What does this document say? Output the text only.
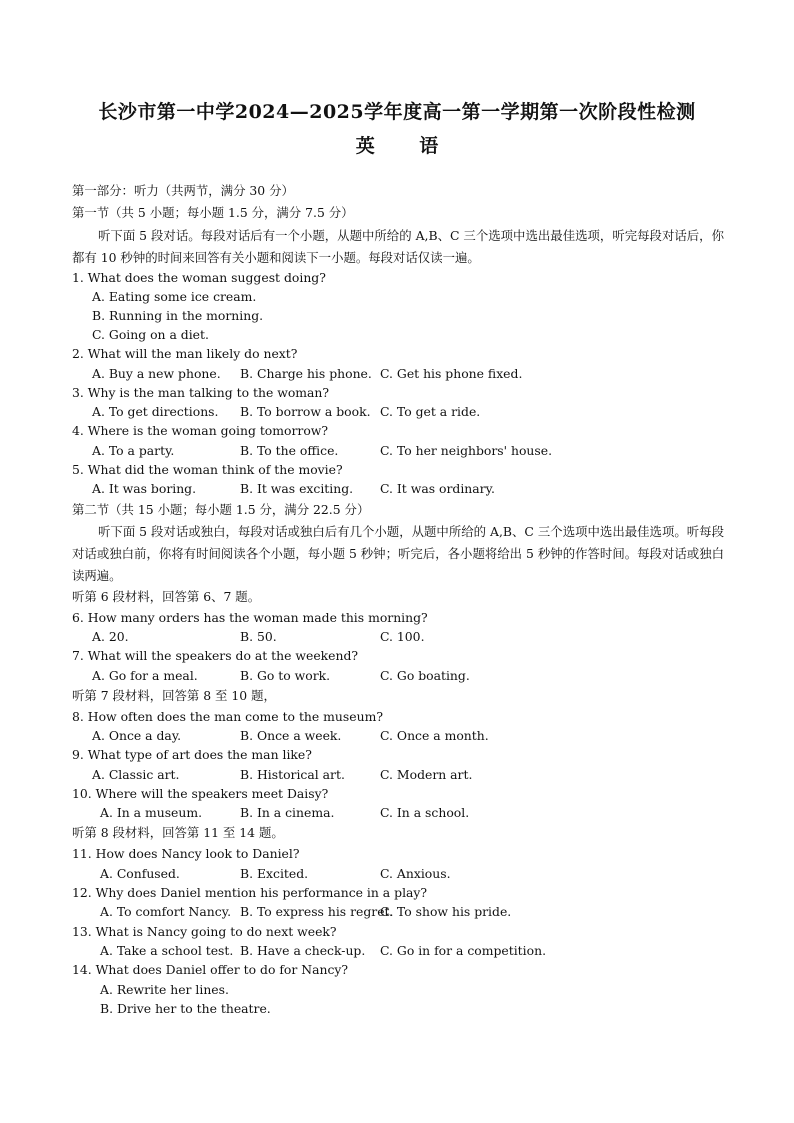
长沙市第一中学2024—2025学年度高一第一学期第一次阶段性检测
英 语
第一部分：听力（共两节，满分 30 分）
第一节（共 5 小题；每小题 1.5 分，满分 7.5 分）
听下面 5 段对话。每段对话后有一个小题，从题中所给的 A,B、C 三个选项中选出最佳选项，听完每段对话后，你都有 10 秒钟的时间来回答有关小题和阅读下一小题。每段对话仅读一遍。
1. What does the woman suggest doing?
A. Eating some ice cream.
B. Running in the morning.
C. Going on a diet.
2. What will the man likely do next?
A. Buy a new phone. B. Charge his phone. C. Get his phone fixed.
3. Why is the man talking to the woman?
A. To get directions. B. To borrow a book. C. To get a ride.
4. Where is the woman going tomorrow?
A. To a party.	B. To the office.	C. To her neighbors' house.
5. What did the woman think of the movie?
A. It was boring.	B. It was exciting. C. It was ordinary.
第二节（共 15 小题；每小题 1.5 分，满分 22.5 分）
听下面 5 段对话或独白，每段对话或独白后有几个小题，从题中所给的 A,B、C 三个选项中选出最佳选项。听每段对话或独白前，你将有时间阅读各个小题，每小题 5 秒钟；听完后，各小题将给出 5 秒钟的作答时间。每段对话或独白读两遍。
听第 6 段材料，回答第 6、7 题。
6. How many orders has the woman made this morning?
A. 20.	B. 50.	C. 100.
7. What will the speakers do at the weekend?
A. Go for a meal.	B. Go to work.	C. Go boating.
听第 7 段材料，回答第 8 至 10 题，
8. How often does the man come to the museum?
A. Once a day.	B. Once a week.	C. Once a month.
9. What type of art does the man like?
A. Classic art.	B. Historical art.	C. Modern art.
10. Where will the speakers meet Daisy?
A. In a museum.	B. In a cinema.	C. In a school.
听第 8 段材料，回答第 11 至 14 题。
11. How does Nancy look to Daniel?
A. Confused.	B. Excited.	C. Anxious.
12. Why does Daniel mention his performance in a play?
A. To comfort Nancy. B. To express his regret.
C. To show his pride.
13. What is Nancy going to do next week?
A. Take a school test. B. Have a check-up. C. Go in for a competition.
14. What does Daniel offer to do for Nancy?
A. Rewrite her lines.
B. Drive her to the theatre.
